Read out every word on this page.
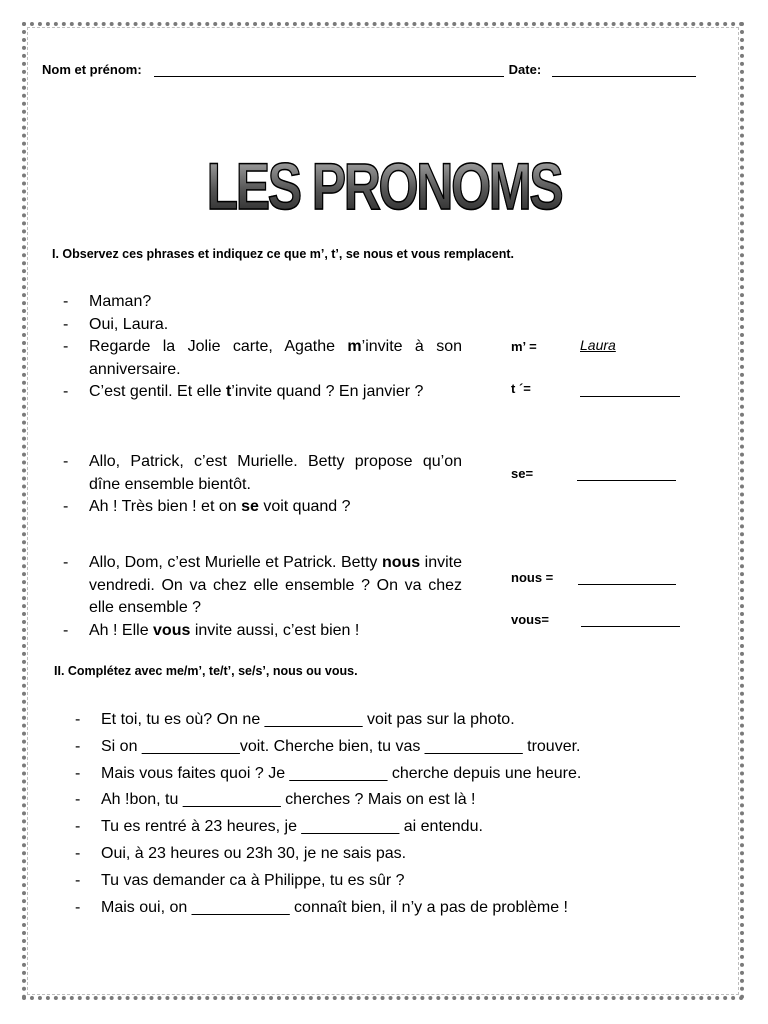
Nom et prénom:	Date:
LES PRONOMS
I. Observez ces phrases et indiquez ce que m’, t’, se nous et vous remplacent.
- Maman?
- Oui, Laura.
- Regarde la Jolie carte, Agathe m’invite à son anniversaire.
- C’est gentil. Et elle t’invite quand ? En janvier ?
- Allo, Patrick, c’est Murielle. Betty propose qu’on dîne ensemble bientôt.
- Ah ! Très bien ! et on se voit quand ?
- Allo, Dom, c’est Murielle et Patrick. Betty nous invite vendredi. On va chez elle ensemble ? On va chez elle ensemble ?
- Ah ! Elle vous invite aussi, c’est bien !
m’ =	Laura
t ´=
se=
nous =
vous=
II. Complétez avec me/m’, te/t’, se/s’, nous ou vous.
- Et toi, tu es où? On ne ___________ voit pas sur la photo.
- Si on ___________voit. Cherche bien, tu vas ___________ trouver.
- Mais vous faites quoi ? Je ___________ cherche depuis une heure.
- Ah !bon, tu ___________ cherches ? Mais on est là !
- Tu es rentré à 23 heures, je ___________ ai entendu.
- Oui, à 23 heures ou 23h 30, je ne sais pas.
- Tu vas demander ca à Philippe, tu es sûr ?
- Mais oui, on ___________ connaît bien, il n’y a pas de problème !
